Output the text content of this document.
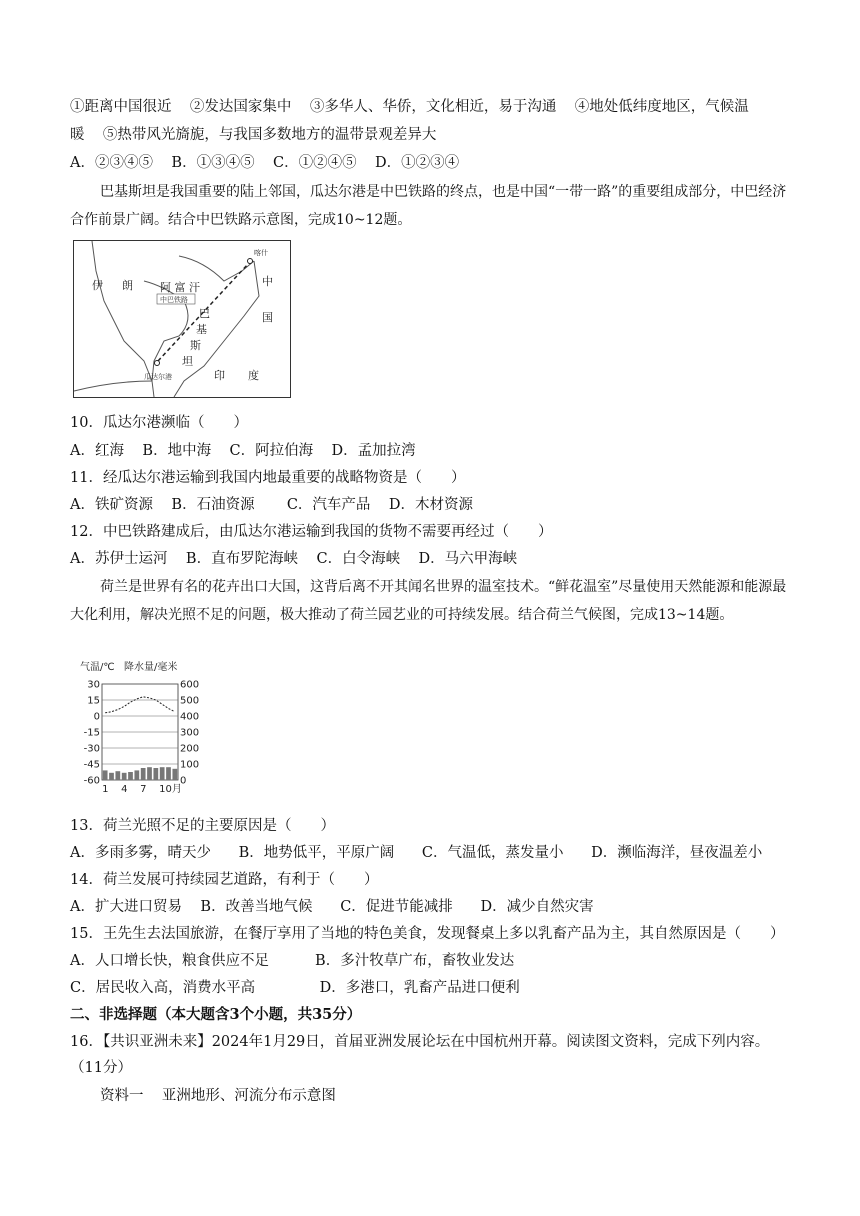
①距离中国很近    ②发达国家集中    ③多华人、华侨，文化相近，易于沟通    ④地处低纬度地区，气候温
暖    ⑤热带风光旖旎，与我国多数地方的温带景观差异大
A．②③④⑤    B．①③④⑤    C．①②④⑤    D．①②③④
巴基斯坦是我国重要的陆上邻国，瓜达尔港是中巴铁路的终点，也是中国“一带一路”的重要组成部分，中巴经济合作前景广阔。结合中巴铁路示意图，完成10~12题。
伊 朗 阿 富 汗
中巴铁路
喀什
中
国
巴
基
斯
坦
印 度
瓜达尔港
10．瓜达尔港濒临（　　）
A．红海    B．地中海    C．阿拉伯海    D．孟加拉湾
11．经瓜达尔港运输到我国内地最重要的战略物资是（　　）
A．铁矿资源    B．石油资源       C．汽车产品    D．木材资源
12．中巴铁路建成后，由瓜达尔港运输到我国的货物不需要再经过（　　）
A．苏伊士运河    B．直布罗陀海峡    C．白令海峡    D．马六甲海峡
荷兰是世界有名的花卉出口大国，这背后离不开其闻名世界的温室技术。“鲜花温室”尽量使用天然能源和能源最大化利用，解决光照不足的问题，极大推动了荷兰园艺业的可持续发展。结合荷兰气候图，完成13~14题。
气温/℃ 降水量/毫米
30
15
0
-15
-30
-45
-60
600
500
400
300
200
100
0
1 4 7 10月
13．荷兰光照不足的主要原因是（　　）
A．多雨多雾，晴天少      B．地势低平，平原广阔      C．气温低，蒸发量小      D．濒临海洋，昼夜温差小
14．荷兰发展可持续园艺道路，有利于（　　）
A．扩大进口贸易    B．改善当地气候      C．促进节能减排      D．减少自然灾害
15．王先生去法国旅游，在餐厅享用了当地的特色美食，发现餐桌上多以乳畜产品为主，其自然原因是（　　）
A．人口增长快，粮食供应不足          B．多汁牧草广布，畜牧业发达
C．居民收入高，消费水平高              D．多港口，乳畜产品进口便利
二、非选择题（本大题含3个小题，共35分）
16．【共识亚洲未来】2024年1月29日，首届亚洲发展论坛在中国杭州开幕。阅读图文资料，完成下列内容。
（11分）
资料一    亚洲地形、河流分布示意图
